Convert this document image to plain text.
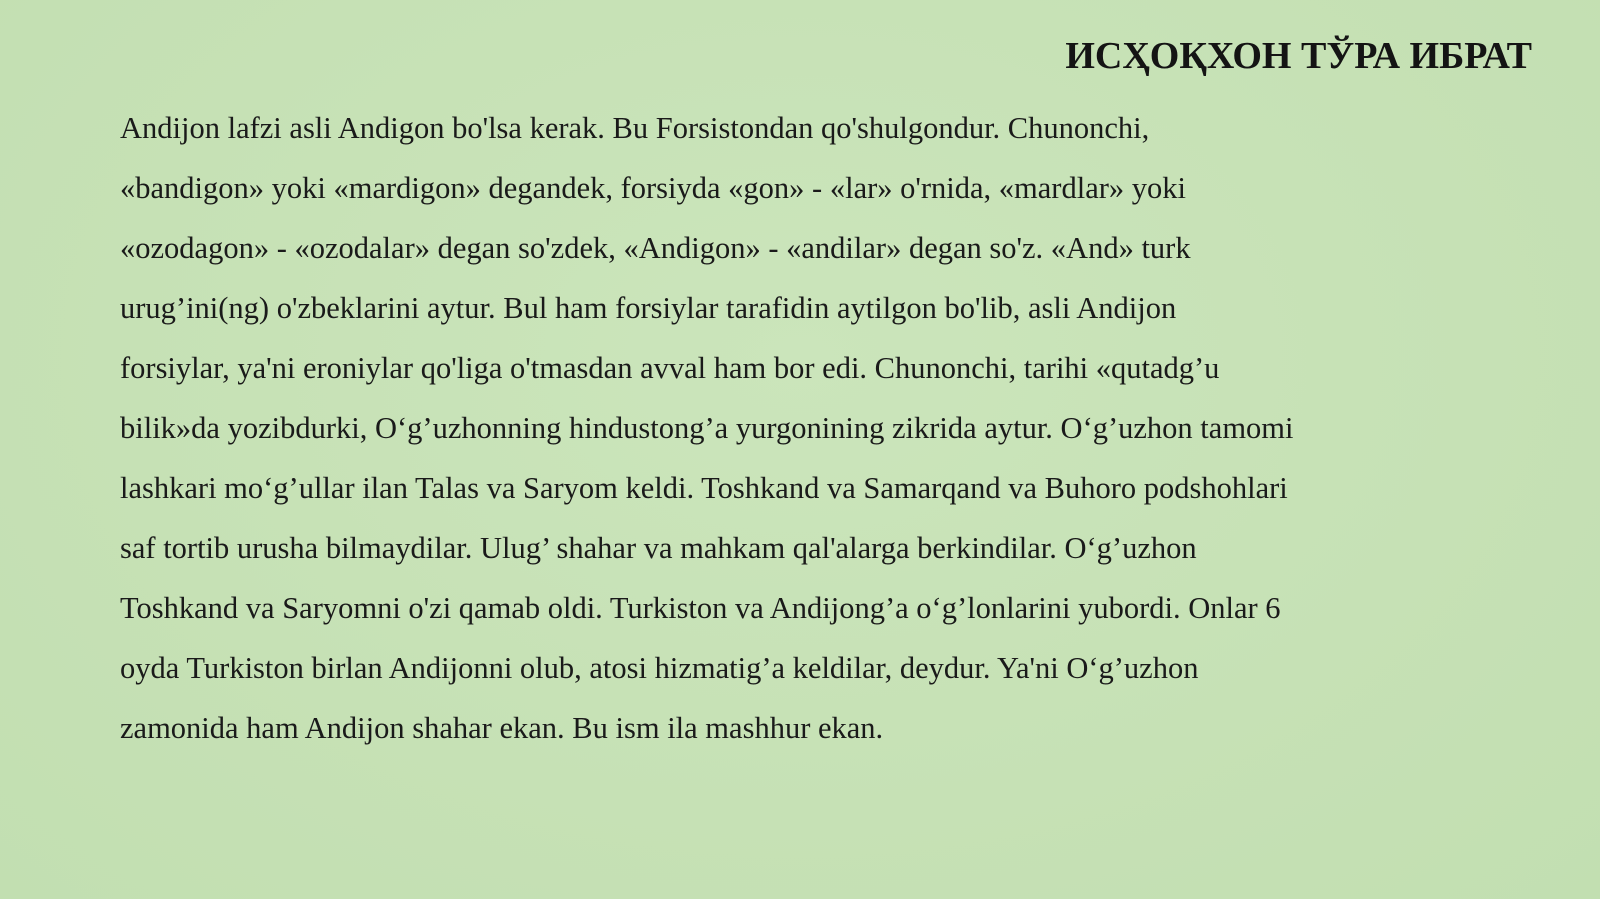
ИСҲОҚХОН ТЎРА ИБРАТ
Andijon lafzi asli Andigon bo'lsa kerak. Bu Forsistondan qo'shulgondur. Chunonchi,
«bandigon» yoki «mardigon» degandek, forsiyda «gon» - «lar» o'rnida, «mardlar» yoki
«ozodagon» - «ozodalar» degan so'zdek, «Andigon» - «andilar» degan so'z. «And» turk
urug’ini(ng) o'zbeklarini aytur. Bul ham forsiylar tarafidin aytilgon bo'lib, asli Andijon
forsiylar, ya'ni eroniylar qo'liga o'tmasdan avval ham bor edi. Chunonchi, tarihi «qutadg’u
bilik»da yozibdurki, O‘g’uzhonning hindustong’a yurgonining zikrida aytur. O‘g’uzhon tamomi
lashkari mo‘g’ullar ilan Talas va Saryom keldi. Toshkand va Samarqand va Buhoro podshohlari
saf tortib urusha bilmaydilar. Ulug’ shahar va mahkam qal'alarga berkindilar. O‘g’uzhon
Toshkand va Saryomni o'zi qamab oldi. Turkiston va Andijong’a o‘g’lonlarini yubordi. Onlar 6
oyda Turkiston birlan Andijonni olub, atosi hizmatig’a keldilar, deydur. Ya'ni O‘g’uzhon
zamonida ham Andijon shahar ekan. Bu ism ila mashhur ekan.
